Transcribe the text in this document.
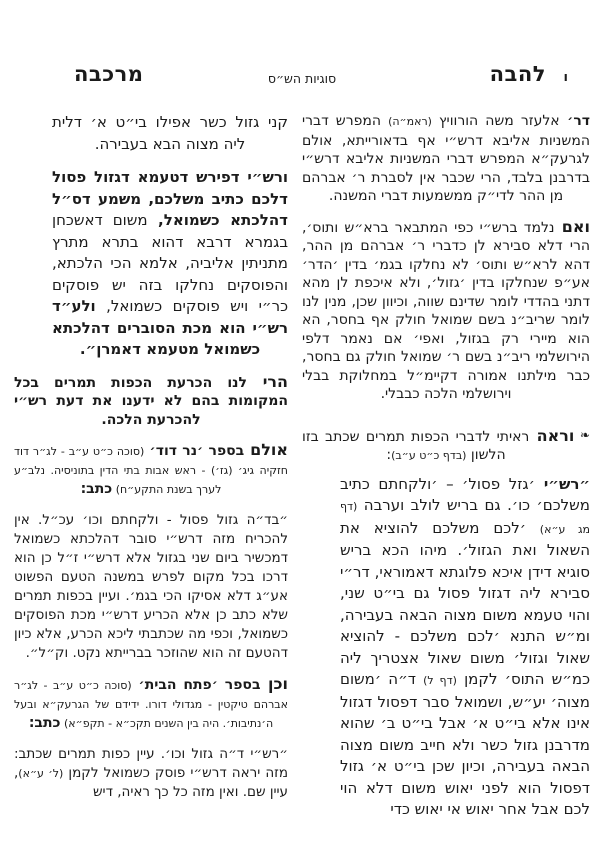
ו
להבה
סוגיות הש״ס
מרכבה
דר׳ אלעזר משה הורוויץ (ראמ״ה) המפרש דברי המשניות אליבא דרש״י אף בדאורייתא, אולם לגרעק״א המפרש דברי המשניות אליבא דרש״י בדרבנן בלבד, הרי שכבר אין לסברת ר׳ אברהם מן ההר לדי״ק ממשמעות דברי המשנה.
ואם נלמד ברש״י כפי המתבאר ברא״ש ותוס׳, הרי דלא סבירא לן כדברי ר׳ אברהם מן ההר, דהא לרא״ש ותוס׳ לא נחלקו בגמ׳ בדין ׳הדר׳ אע״פ שנחלקו בדין ׳גזול׳, ולא איכפת לן מהא דתני בהדדי לומר שדינם שווה, וכיוון שכן, מנין לנו לומר שריב״נ בשם שמואל חולק אף בחסר, הא הוא מיירי רק בגזול, ואפי׳ אם נאמר דלפי הירושלמי ריב״נ בשם ר׳ שמואל חולק גם בחסר, כבר מילתנו אמורה דקיימ״ל במחלוקת בבלי וירושלמי הלכה כבבלי.
❧ וראה ראיתי לדברי הכפות תמרים שכתב בזו הלשון (בדף כ״ט ע״ב):
״רש״י ׳גזל פסול׳ – ׳ולקחתם כתיב משלכם׳ כו׳. גם בריש לולב וערבה (דף מג ע״א) ׳לכם משלכם להוציא את השאול ואת הגזול׳. מיהו הכא בריש סוגיא דידן איכא פלוגתא דאמוראי, דר״י סבירא ליה דגזול פסול גם בי״ט שני, והוי טעמא משום מצוה הבאה בעבירה, ומ״ש התנא ׳לכם משלכם - להוציא שאול וגזול׳ משום שאול אצטריך ליה כמ״ש התוס׳ לקמן (דף ל) ד״ה ׳משום מצוה׳ יע״ש, ושמואל סבר דפסול דגזול אינו אלא בי״ט א׳ אבל בי״ט ב׳ שהוא מדרבנן גזול כשר ולא חייב משום מצוה הבאה בעבירה, וכיון שכן בי״ט א׳ גזול דפסול הוא לפני יאוש משום דלא הוי לכם אבל אחר יאוש אי יאוש כדי
קני גזול כשר אפילו בי״ט א׳ דלית ליה מצוה הבא בעבירה.
ורש״י דפירש דטעמא דגזול פסול דלכם כתיב משלכם, משמע דס״ל דהלכתא כשמואל, משום דאשכחן בגמרא דרבא דהוא בתרא מתרץ מתניתין אליביה, אלמא הכי הלכתא, והפוסקים נחלקו בזה יש פוסקים כר״י ויש פוסקים כשמואל, ולע״ד רש״י הוא מכת הסוברים דהלכתא כשמואל מטעמא דאמרן״.
הרי לנו הכרעת הכפות תמרים בכל המקומות בהם לא ידענו את דעת רש״י להכרעת הלכה.
אולם בספר ׳נר דוד׳ (סוכה כ״ט ע״ב - לג״ר דוד חזקיה גיג׳ (גז׳) - ראש אבות בתי הדין בתוניסיה. נלב״ע לערך בשנת התקע״ח) כתב:
״בד״ה גזול פסול - ולקחתם וכו׳ עכ״ל. אין להכריח מזה דרש״י סובר דהלכתא כשמואל דמכשיר ביום שני בגזול אלא דרש״י ז״ל כן הוא דרכו בכל מקום לפרש במשנה הטעם הפשוט אע״ג דלא אסיקו הכי בגמ׳. ועיין בכפות תמרים שלא כתב כן אלא הכריע דרש״י מכת הפוסקים כשמואל, וכפי מה שכתבתי ליכא הכרע, אלא כיון דהטעם זה הוא שהוזכר בברייתא נקט. וק״ל״.
וכן בספר ׳פתח הבית׳ (סוכה כ״ט ע״ב - לג״ר אברהם טיקטין - מגדולי דורו. ידידם של הגרעק״א ובעל ה׳נתיבות׳. היה בין השנים תקכ״א - תקפ״א) כתב:
״רש״י ד״ה גזול וכו׳. עיין כפות תמרים שכתב: מזה יראה דרש״י פוסק כשמואל לקמן (ל׳ ע״א), עיין שם. ואין מזה כל כך ראיה, דיש
